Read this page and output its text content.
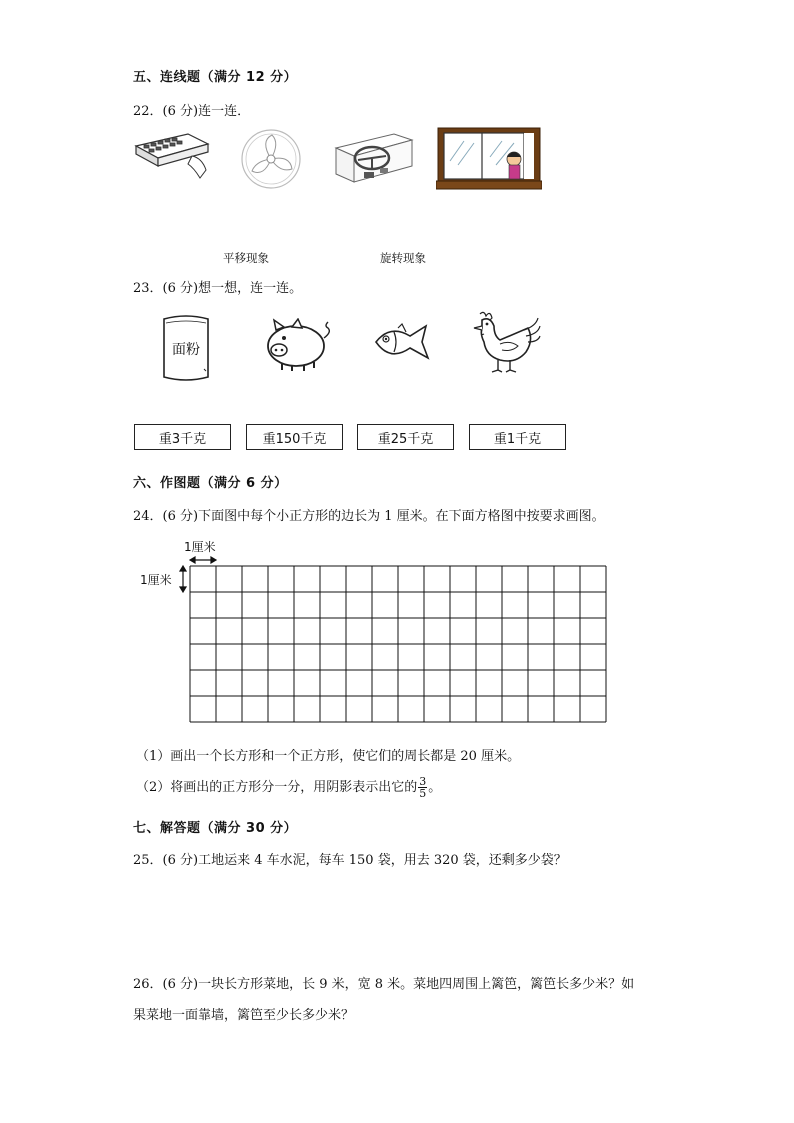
五、连线题（满分 12 分）
22．(6 分)连一连．
平移现象	旋转现象
23．(6 分)想一想，连一连。
面粉
重3千克	重150千克	重25千克	重1千克
六、作图题（满分 6 分）
24．(6 分)下面图中每个小正方形的边长为 1 厘米。在下面方格图中按要求画图。
1厘米
1厘米
（1）画出一个长方形和一个正方形，使它们的周长都是 20 厘米。
（2）将画出的正方形分一分，用阴影表示出它的 $\frac{3}{5}$ 。
七、解答题（满分 30 分）
25．(6 分)工地运来 4 车水泥，每车 150 袋，用去 320 袋，还剩多少袋？
26．(6 分)一块长方形菜地，长 9 米，宽 8 米。菜地四周围上篱笆，篱笆长多少米？如
果菜地一面靠墙，篱笆至少长多少米？
